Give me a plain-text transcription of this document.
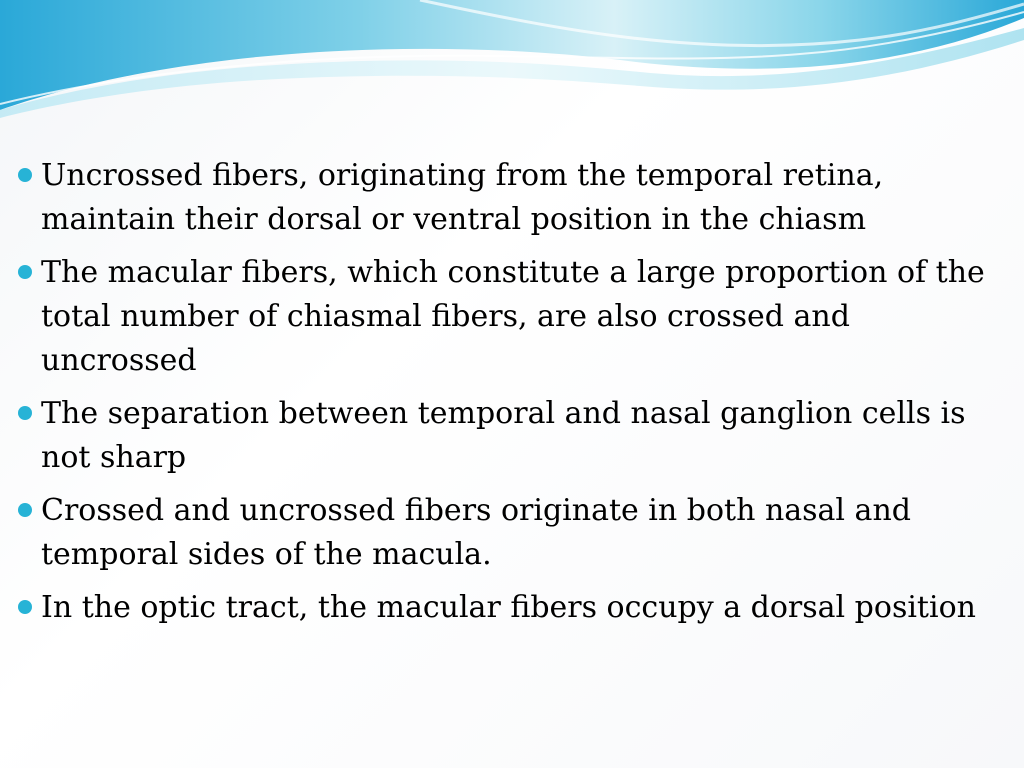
Uncrossed fibers, originating from the temporal retina, maintain their dorsal or ventral position in the chiasm
The macular fibers, which constitute a large proportion of the total number of chiasmal fibers, are also crossed and uncrossed
The separation between temporal and nasal ganglion cells is not sharp
Crossed and uncrossed fibers originate in both nasal and temporal sides of the macula.
In the optic tract, the macular fibers occupy a dorsal position
